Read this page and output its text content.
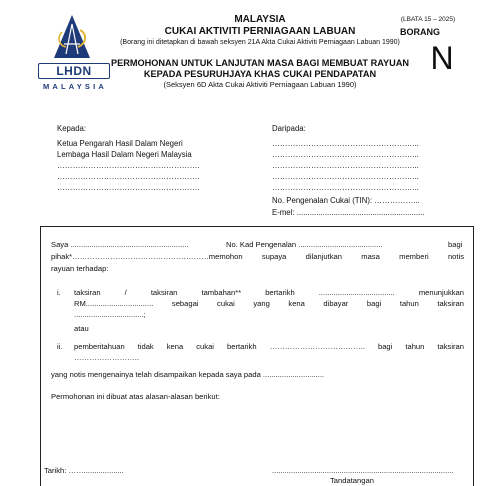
LHDN
MALAYSIA
MALAYSIA
CUKAI AKTIVITI PERNIAGAAN LABUAN
(Borang ini ditetapkan di bawah seksyen 21A Akta Cukai Aktiviti Perniagaan Labuan 1990)
(LBATA 15 – 2025)
BORANG
N
PERMOHONAN UNTUK LANJUTAN MASA BAGI MEMBUAT RAYUAN
KEPADA PESURUHJAYA KHAS CUKAI PENDAPATAN
(Seksyen 6D Akta Cukai Aktiviti Perniagaan Labuan 1990)
Kepada:
Ketua Pengarah Hasil Dalam Negeri
Lembaga Hasil Dalam Negeri Malaysia
……………………………………………….
……………………………………………….
……………………………………………….
Daripada:
………………………………………………...
………………………………………………...
………………………………………………...
………………………………………………...
………………………………………………...
No. Pengenalan Cukai (TIN): ……………...
E-mel: ...........................................................
Saya ........................................................	No. Kad Pengenalan ........................................	bagi
pihak*………………………………………………memohon supaya dilanjutkan masa memberi notis
rayuan terhadap:
i.	taksiran / taksiran tambahan** bertarikh .................................... menunjukkan
RM................................ sebagai cukai yang kena dibayar bagi tahun taksiran
.................................;
atau
ii.	pemberitahuan tidak kena cukai bertarikh ……………………………….. bagi tahun taksiran
……………………..
yang notis mengenainya telah disampaikan kepada saya pada .............................
Permohonan ini dibuat atas alasan-alasan berikut:
Tarikh: ……...................	......................................................................................
Tandatangan
